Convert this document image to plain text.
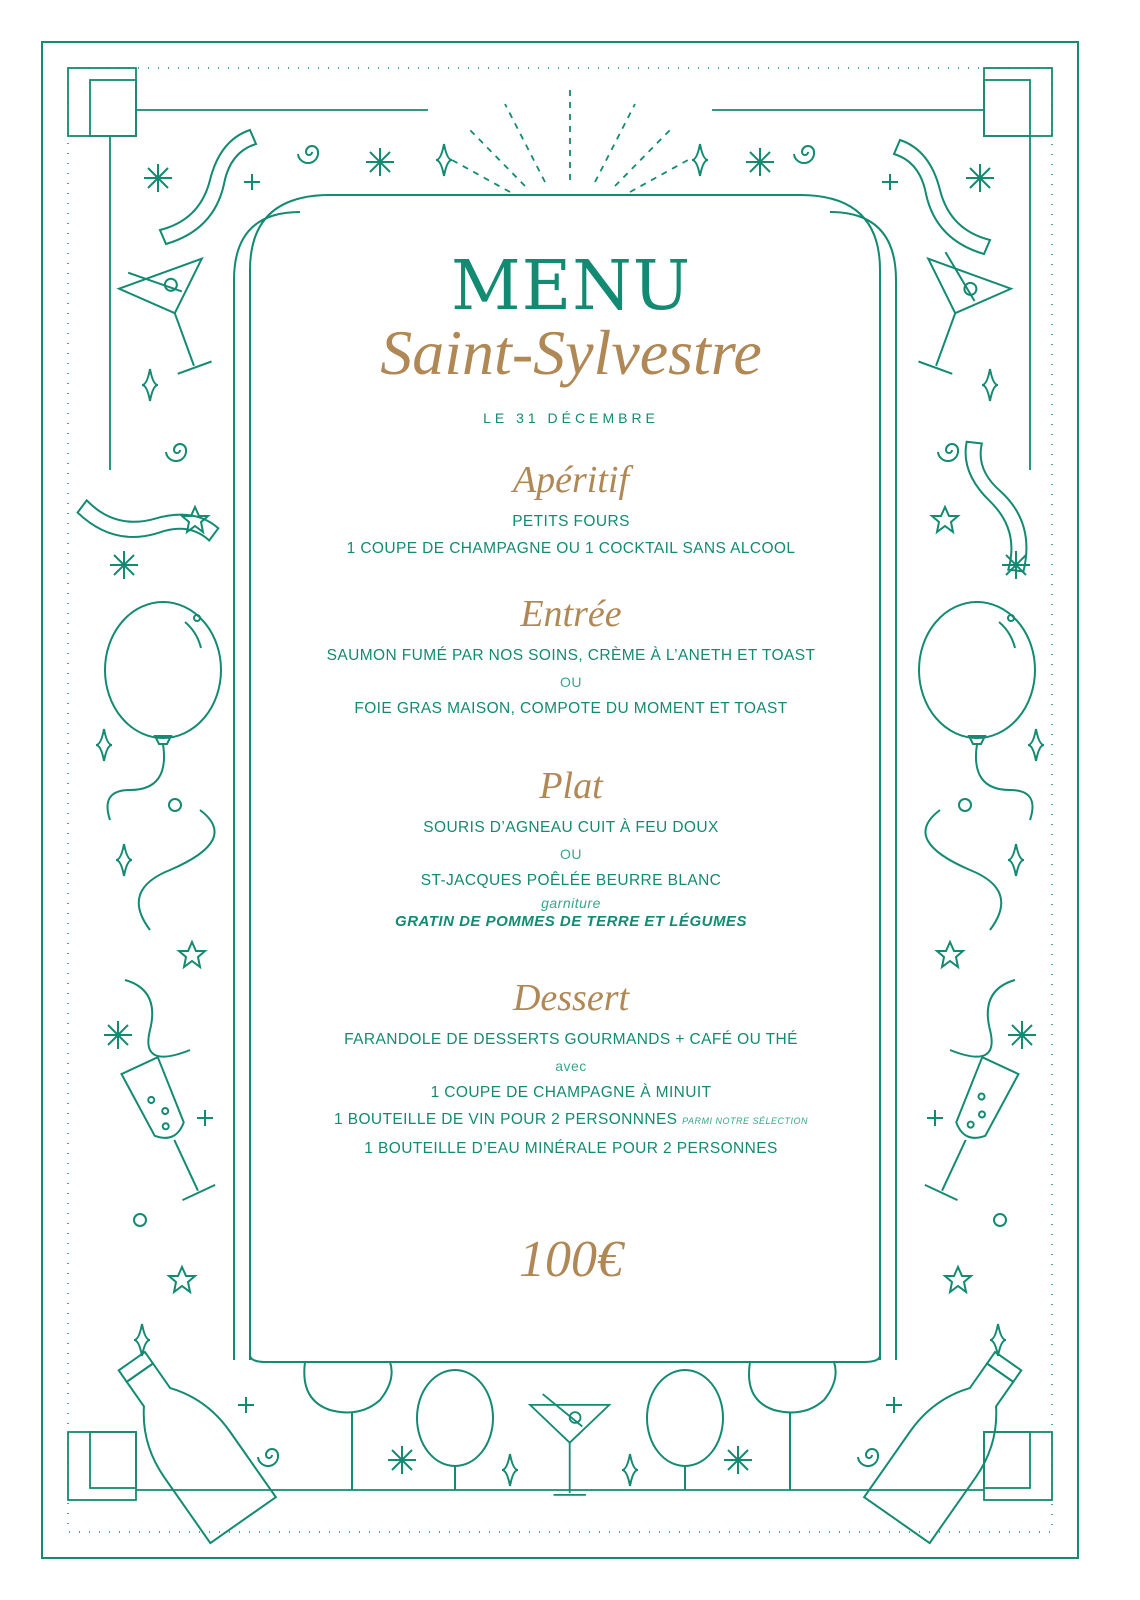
MENU
Saint-Sylvestre
LE 31 DÉCEMBRE
Apéritif
PETITS FOURS
1 COUPE DE CHAMPAGNE OU 1 COCKTAIL SANS ALCOOL
Entrée
SAUMON FUMÉ PAR NOS SOINS, CRÈME À L’ANETH ET TOAST
OU
FOIE GRAS MAISON, COMPOTE DU MOMENT ET TOAST
Plat
SOURIS D’AGNEAU CUIT À FEU DOUX
OU
ST-JACQUES POÊLÉE BEURRE BLANC
garniture
GRATIN DE POMMES DE TERRE ET LÉGUMES
Dessert
FARANDOLE DE DESSERTS GOURMANDS + CAFÉ OU THÉ
avec
1 COUPE DE CHAMPAGNE À MINUIT
1 BOUTEILLE DE VIN POUR 2 PERSONNNES PARMI NOTRE SÉLECTION
1 BOUTEILLE D’EAU MINÉRALE POUR 2 PERSONNES
100€
